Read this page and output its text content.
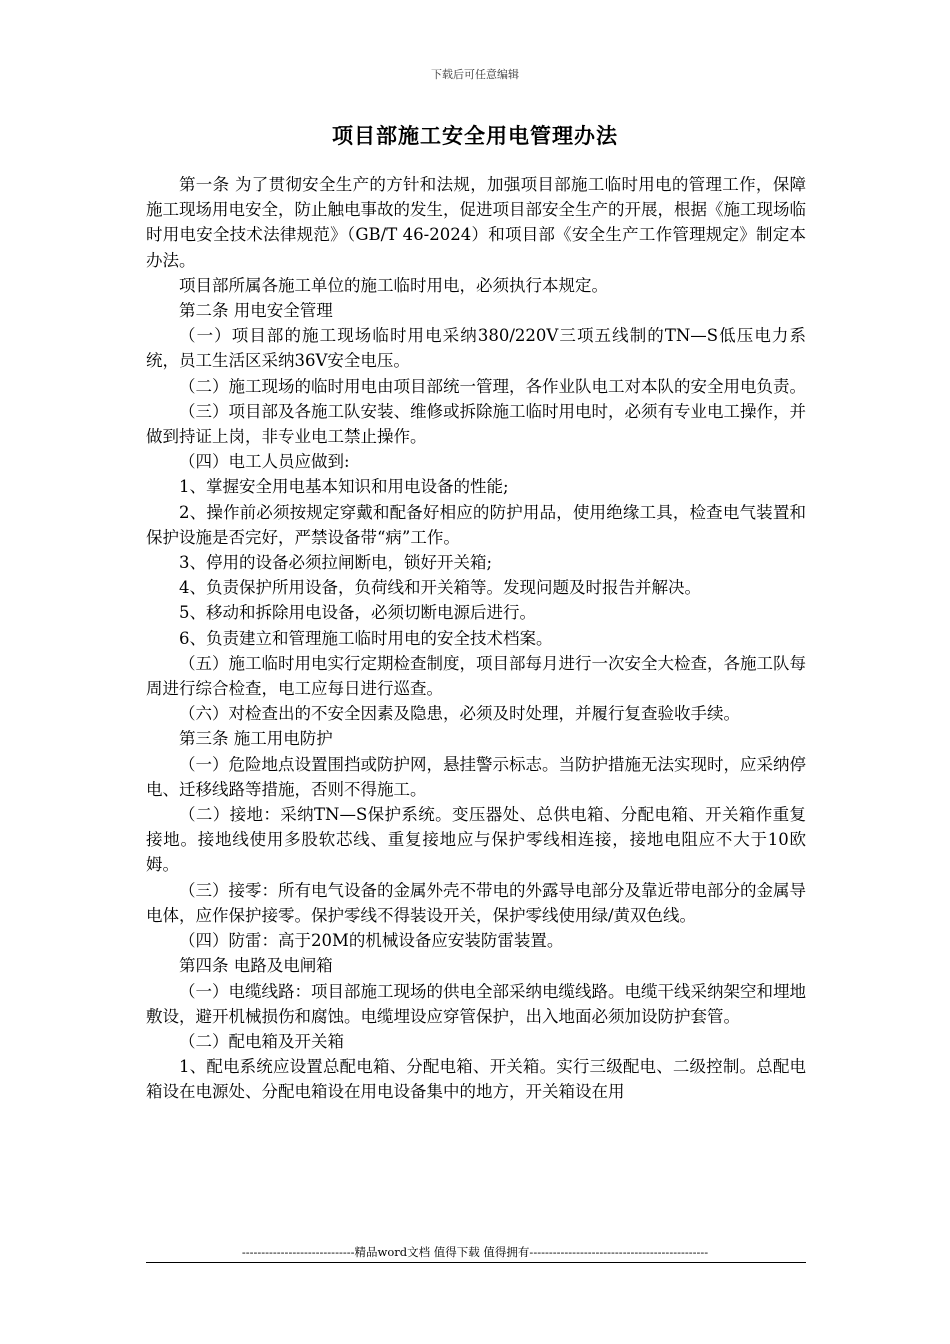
下载后可任意编辑
项目部施工安全用电管理办法

第一条 为了贯彻安全生产的方针和法规，加强项目部施工临时用电的管理工作，保障施工现场用电安全，防止触电事故的发生，促进项目部安全生产的开展，根据《施工现场临时用电安全技术法律规范》（GB/T 46-2024）和项目部《安全生产工作管理规定》制定本办法。

项目部所属各施工单位的施工临时用电，必须执行本规定。

第二条 用电安全管理

（一）项目部的施工现场临时用电采纳380/220V三项五线制的TN—S低压电力系统，员工生活区采纳36V安全电压。

（二）施工现场的临时用电由项目部统一管理，各作业队电工对本队的安全用电负责。

（三）项目部及各施工队安装、维修或拆除施工临时用电时，必须有专业电工操作，并做到持证上岗，非专业电工禁止操作。

（四）电工人员应做到:

1、掌握安全用电基本知识和用电设备的性能;

2、操作前必须按规定穿戴和配备好相应的防护用品，使用绝缘工具，检查电气装置和保护设施是否完好，严禁设备带“病”工作。

3、停用的设备必须拉闸断电，锁好开关箱;

4、负责保护所用设备，负荷线和开关箱等。发现问题及时报告并解决。

5、移动和拆除用电设备，必须切断电源后进行。

6、负责建立和管理施工临时用电的安全技术档案。

（五）施工临时用电实行定期检查制度，项目部每月进行一次安全大检查，各施工队每周进行综合检查，电工应每日进行巡查。

（六）对检查出的不安全因素及隐患，必须及时处理，并履行复查验收手续。

第三条 施工用电防护

（一）危险地点设置围挡或防护网，悬挂警示标志。当防护措施无法实现时，应采纳停电、迁移线路等措施，否则不得施工。

（二）接地：采纳TN—S保护系统。变压器处、总供电箱、分配电箱、开关箱作重复接地。接地线使用多股软芯线、重复接地应与保护零线相连接，接地电阻应不大于10欧姆。

（三）接零：所有电气设备的金属外壳不带电的外露导电部分及靠近带电部分的金属导电体，应作保护接零。保护零线不得装设开关，保护零线使用绿/黄双色线。

（四）防雷：高于20M的机械设备应安装防雷装置。

第四条 电路及电闸箱

（一）电缆线路：项目部施工现场的供电全部采纳电缆线路。电缆干线采纳架空和埋地敷设，避开机械损伤和腐蚀。电缆埋设应穿管保护，出入地面必须加设防护套管。

（二）配电箱及开关箱

1、配电系统应设置总配电箱、分配电箱、开关箱。实行三级配电、二级控制。总配电箱设在电源处、分配电箱设在用电设备集中的地方，开关箱设在用

-----------------------------精品word文档 值得下载 值得拥有----------------------------------------------
